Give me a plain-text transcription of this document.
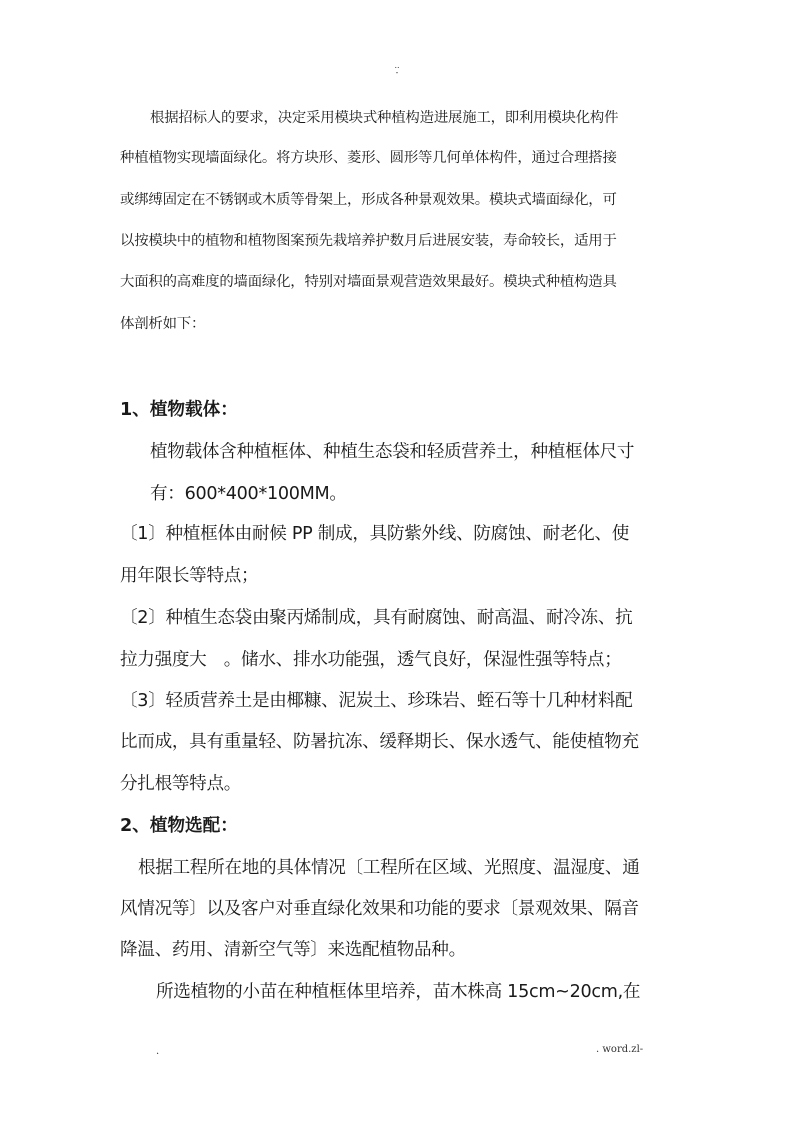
..
-
根据招标人的要求，决定采用模块式种植构造进展施工，即利用模块化构件
种植植物实现墙面绿化。将方块形、菱形、圆形等几何单体构件，通过合理搭接
或绑缚固定在不锈钢或木质等骨架上，形成各种景观效果。模块式墙面绿化，可
以按模块中的植物和植物图案预先栽培养护数月后进展安装，寿命较长，适用于
大面积的高难度的墙面绿化，特别对墙面景观营造效果最好。模块式种植构造具
体剖析如下：
1、植物载体：
植物载体含种植框体、种植生态袋和轻质营养土，种植框体尺寸
有：600*400*100MM。
〔1〕种植框体由耐候 PP 制成，具防紫外线、防腐蚀、耐老化、使
用年限长等特点；
〔2〕种植生态袋由聚丙烯制成，具有耐腐蚀、耐高温、耐冷冻、抗
拉力强度大　。储水、排水功能强，透气良好，保湿性强等特点；
〔3〕轻质营养土是由椰糠、泥炭土、珍珠岩、蛭石等十几种材料配
比而成，具有重量轻、防暑抗冻、缓释期长、保水透气、能使植物充
分扎根等特点。
2、植物选配：
根据工程所在地的具体情况〔工程所在区域、光照度、温湿度、通
风情况等〕以及客户对垂直绿化效果和功能的要求〔景观效果、隔音
降温、药用、清新空气等〕来选配植物品种。
所选植物的小苗在种植框体里培养，苗木株高 15cm~20cm,在
.	. word.zl-
